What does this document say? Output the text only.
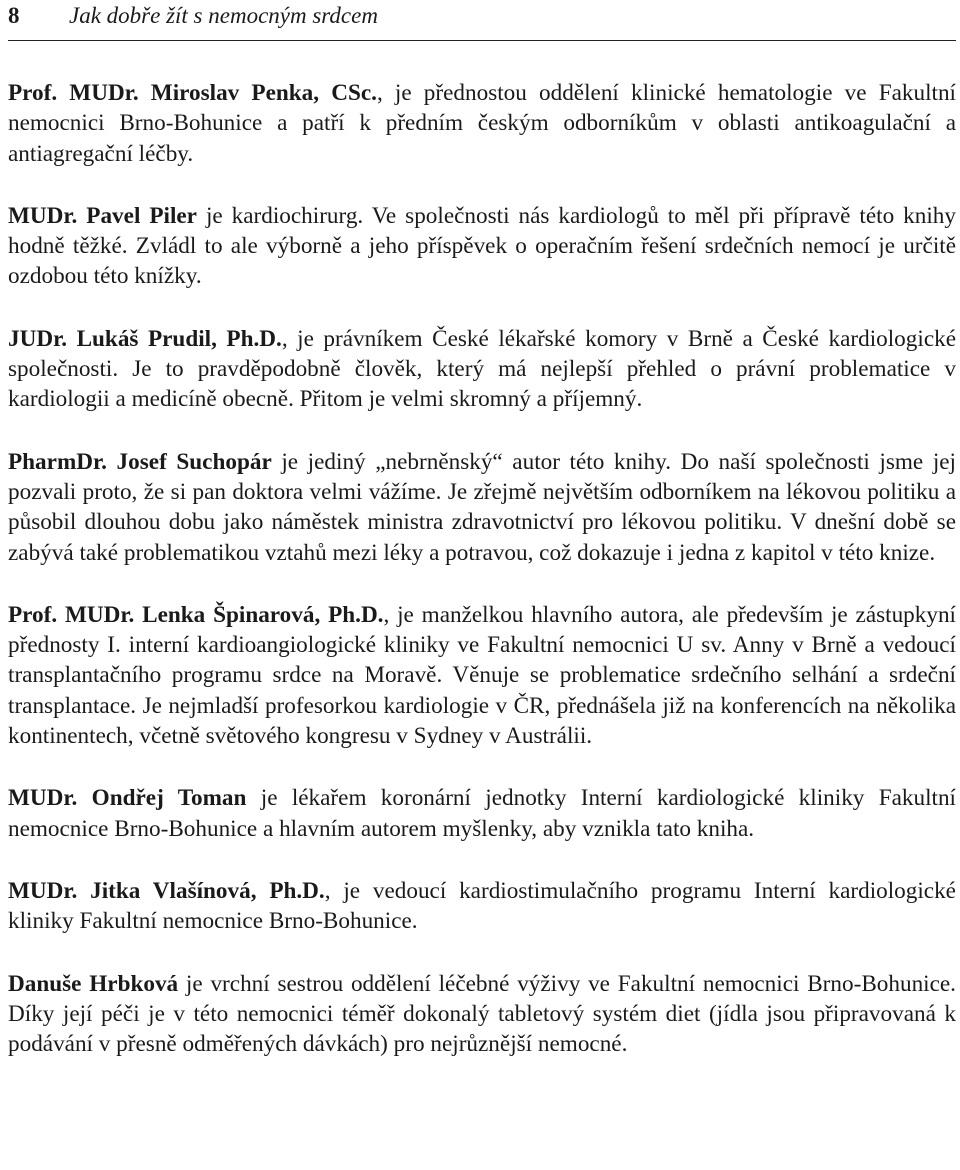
8 Jak dobře žít s nemocným srdcem

Prof. MUDr. Miroslav Penka, CSc., je přednostou oddělení klinické hematologie ve Fakultní nemocnici Brno-Bohunice a patří k předním českým odborníkům v oblasti antikoagulační a antiagregační léčby.

MUDr. Pavel Piler je kardiochirurg. Ve společnosti nás kardiologů to měl při přípravě této knihy hodně těžké. Zvládl to ale výborně a jeho příspěvek o operačním řešení srdečních nemocí je určitě ozdobou této knížky.

JUDr. Lukáš Prudil, Ph.D., je právníkem České lékařské komory v Brně a České kardiologické společnosti. Je to pravděpodobně člověk, který má nejlepší přehled o právní problematice v kardiologii a medicíně obecně. Přitom je velmi skromný a příjemný.

PharmDr. Josef Suchopár je jediný „nebrněnský“ autor této knihy. Do naší společnosti jsme jej pozvali proto, že si pan doktora velmi vážíme. Je zřejmě největším odborníkem na lékovou politiku a působil dlouhou dobu jako náměstek ministra zdravotnictví pro lékovou politiku. V dnešní době se zabývá také problematikou vztahů mezi léky a potravou, což dokazuje i jedna z kapitol v této knize.

Prof. MUDr. Lenka Špinarová, Ph.D., je manželkou hlavního autora, ale především je zástupkyní přednosty I. interní kardioangiologické kliniky ve Fakultní nemocnici U sv. Anny v Brně a vedoucí transplantačního programu srdce na Moravě. Věnuje se problematice srdečního selhání a srdeční transplantace. Je nejmladší profesorkou kardiologie v ČR, přednášela již na konferencích na několika kontinentech, včetně světového kongresu v Sydney v Austrálii.

MUDr. Ondřej Toman je lékařem koronární jednotky Interní kardiologické kliniky Fakultní nemocnice Brno-Bohunice a hlavním autorem myšlenky, aby vznikla tato kniha.

MUDr. Jitka Vlašínová, Ph.D., je vedoucí kardiostimulačního programu Interní kardiologické kliniky Fakultní nemocnice Brno-Bohunice.

Danuše Hrbková je vrchní sestrou oddělení léčebné výživy ve Fakultní nemocnici Brno-Bohunice. Díky její péči je v této nemocnici téměř dokonalý tabletový systém diet (jídla jsou připravovaná k podávání v přesně odměřených dávkách) pro nejrůznější nemocné.
